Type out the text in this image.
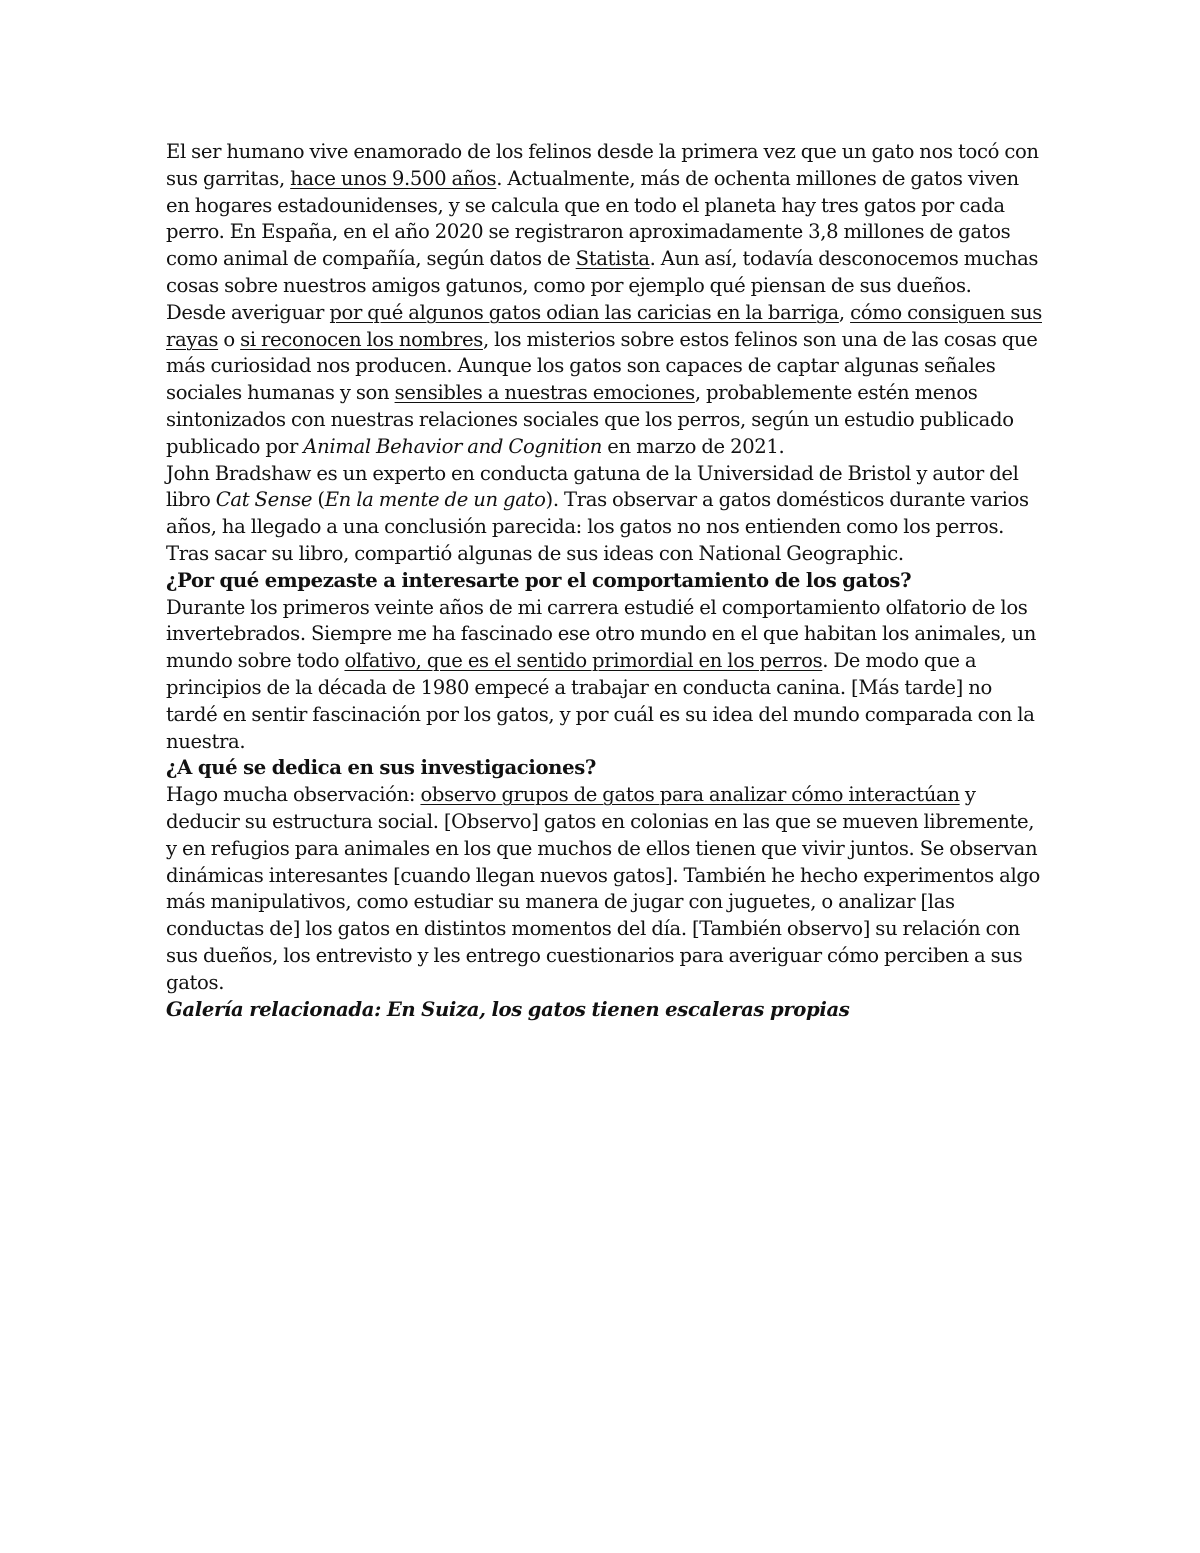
El ser humano vive enamorado de los felinos desde la primera vez que un gato nos tocó con sus garritas, hace unos 9.500 años. Actualmente, más de ochenta millones de gatos viven en hogares estadounidenses, y se calcula que en todo el planeta hay tres gatos por cada perro. En España, en el año 2020 se registraron aproximadamente 3,8 millones de gatos como animal de compañía, según datos de Statista. Aun así, todavía desconocemos muchas cosas sobre nuestros amigos gatunos, como por ejemplo qué piensan de sus dueños.

Desde averiguar por qué algunos gatos odian las caricias en la barriga, cómo consiguen sus rayas o si reconocen los nombres, los misterios sobre estos felinos son una de las cosas que más curiosidad nos producen. Aunque los gatos son capaces de captar algunas señales sociales humanas y son sensibles a nuestras emociones, probablemente estén menos sintonizados con nuestras relaciones sociales que los perros, según un estudio publicado publicado por Animal Behavior and Cognition en marzo de 2021.

John Bradshaw es un experto en conducta gatuna de la Universidad de Bristol y autor del libro Cat Sense (En la mente de un gato). Tras observar a gatos domésticos durante varios años, ha llegado a una conclusión parecida: los gatos no nos entienden como los perros. Tras sacar su libro, compartió algunas de sus ideas con National Geographic.

¿Por qué empezaste a interesarte por el comportamiento de los gatos?

Durante los primeros veinte años de mi carrera estudié el comportamiento olfatorio de los invertebrados. Siempre me ha fascinado ese otro mundo en el que habitan los animales, un mundo sobre todo olfativo, que es el sentido primordial en los perros. De modo que a principios de la década de 1980 empecé a trabajar en conducta canina. [Más tarde] no tardé en sentir fascinación por los gatos, y por cuál es su idea del mundo comparada con la nuestra.

¿A qué se dedica en sus investigaciones?

Hago mucha observación: observo grupos de gatos para analizar cómo interactúan y deducir su estructura social. [Observo] gatos en colonias en las que se mueven libremente, y en refugios para animales en los que muchos de ellos tienen que vivir juntos. Se observan dinámicas interesantes [cuando llegan nuevos gatos]. También he hecho experimentos algo más manipulativos, como estudiar su manera de jugar con juguetes, o analizar [las conductas de] los gatos en distintos momentos del día. [También observo] su relación con sus dueños, los entrevisto y les entrego cuestionarios para averiguar cómo perciben a sus gatos.

Galería relacionada: En Suiza, los gatos tienen escaleras propias
